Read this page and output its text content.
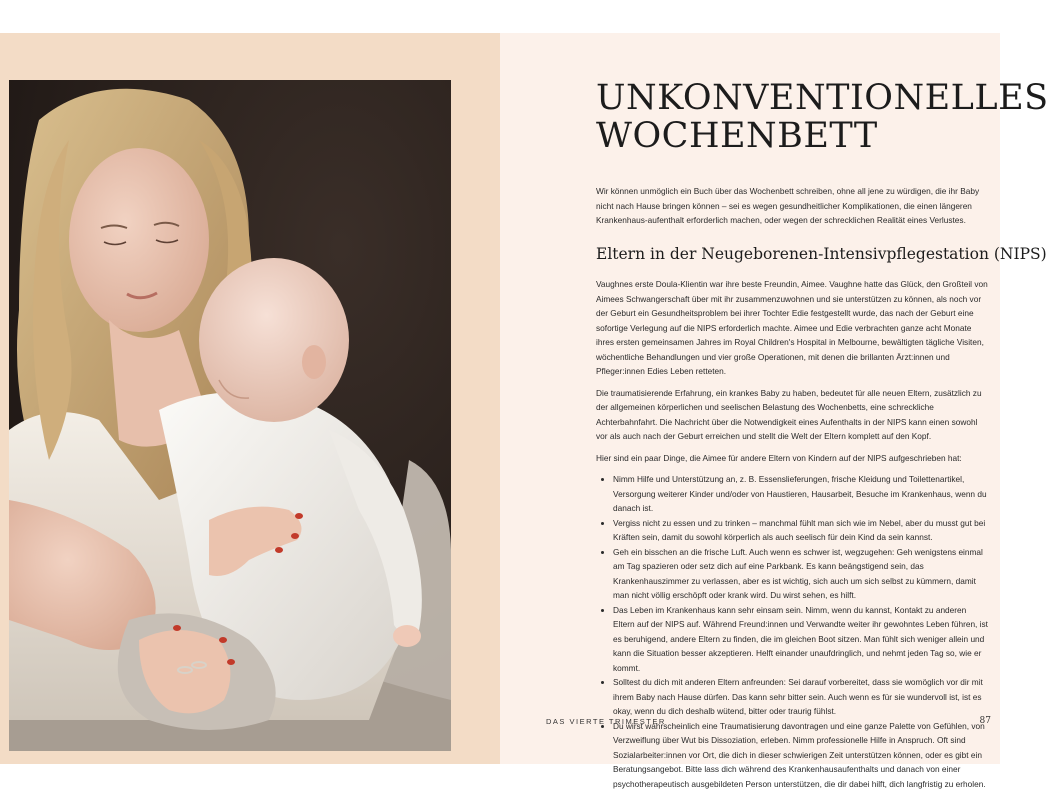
UNKONVENTIONELLES
WOCHENBETT

Wir können unmöglich ein Buch über das Wochenbett schreiben, ohne all jene zu würdigen, die ihr Baby nicht nach Hause bringen können – sei es wegen gesundheitlicher Komplikationen, die einen längeren Krankenhaus-aufenthalt erforderlich machen, oder wegen der schrecklichen Realität eines Verlustes.

Eltern in der Neugeborenen-Intensivpflegestation (NIPS)

Vaughnes erste Doula-Klientin war ihre beste Freundin, Aimee. Vaughne hatte das Glück, den Großteil von Aimees Schwangerschaft über mit ihr zusammenzuwohnen und sie unterstützen zu können, als noch vor der Geburt ein Gesundheitsproblem bei ihrer Tochter Edie festgestellt wurde, das nach der Geburt eine sofortige Verlegung auf die NIPS erforderlich machte. Aimee und Edie verbrachten ganze acht Monate ihres ersten gemeinsamen Jahres im Royal Children's Hospital in Melbourne, bewältigten tägliche Visiten, wöchentliche Behandlungen und vier große Operationen, mit denen die brillanten Ärzt:innen und Pfleger:innen Edies Leben retteten.

Die traumatisierende Erfahrung, ein krankes Baby zu haben, bedeutet für alle neuen Eltern, zusätzlich zu der allgemeinen körperlichen und seelischen Belastung des Wochenbetts, eine schreckliche Achterbahnfahrt. Die Nachricht über die Notwendigkeit eines Aufenthalts in der NIPS kann einen sowohl vor als auch nach der Geburt erreichen und stellt die Welt der Eltern komplett auf den Kopf.

Hier sind ein paar Dinge, die Aimee für andere Eltern von Kindern auf der NIPS aufgeschrieben hat:

• Nimm Hilfe und Unterstützung an, z. B. Essenslieferungen, frische Kleidung und Toilettenartikel, Versorgung weiterer Kinder und/oder von Haustieren, Hausarbeit, Besuche im Krankenhaus, wenn du danach ist.
• Vergiss nicht zu essen und zu trinken – manchmal fühlt man sich wie im Nebel, aber du musst gut bei Kräften sein, damit du sowohl körperlich als auch seelisch für dein Kind da sein kannst.
• Geh ein bisschen an die frische Luft. Auch wenn es schwer ist, wegzugehen: Geh wenigstens einmal am Tag spazieren oder setz dich auf eine Parkbank. Es kann beängstigend sein, das Krankenhauszimmer zu verlassen, aber es ist wichtig, sich auch um sich selbst zu kümmern, damit man nicht völlig erschöpft oder krank wird. Du wirst sehen, es hilft.
• Das Leben im Krankenhaus kann sehr einsam sein. Nimm, wenn du kannst, Kontakt zu anderen Eltern auf der NIPS auf. Während Freund:innen und Verwandte weiter ihr gewohntes Leben führen, ist es beruhigend, andere Eltern zu finden, die im gleichen Boot sitzen. Man fühlt sich weniger allein und kann die Situation besser akzeptieren. Helft einander unaufdringlich, und nehmt jeden Tag so, wie er kommt.
• Solltest du dich mit anderen Eltern anfreunden: Sei darauf vorbereitet, dass sie womöglich vor dir mit ihrem Baby nach Hause dürfen. Das kann sehr bitter sein. Auch wenn es für sie wundervoll ist, ist es okay, wenn du dich deshalb wütend, bitter oder traurig fühlst.
• Du wirst wahrscheinlich eine Traumatisierung davontragen und eine ganze Palette von Gefühlen, von Verzweiflung über Wut bis Dissoziation, erleben. Nimm professionelle Hilfe in Anspruch. Oft sind Sozialarbeiter:innen vor Ort, die dich in dieser schwierigen Zeit unterstützen können, oder es gibt ein Beratungsangebot. Bitte lass dich während des Krankenhausaufenthalts und danach von einer psychotherapeutisch ausgebildeten Person unterstützen, die dir dabei hilft, dich langfristig zu erholen.
DAS VIERTE TRIMESTER	87
